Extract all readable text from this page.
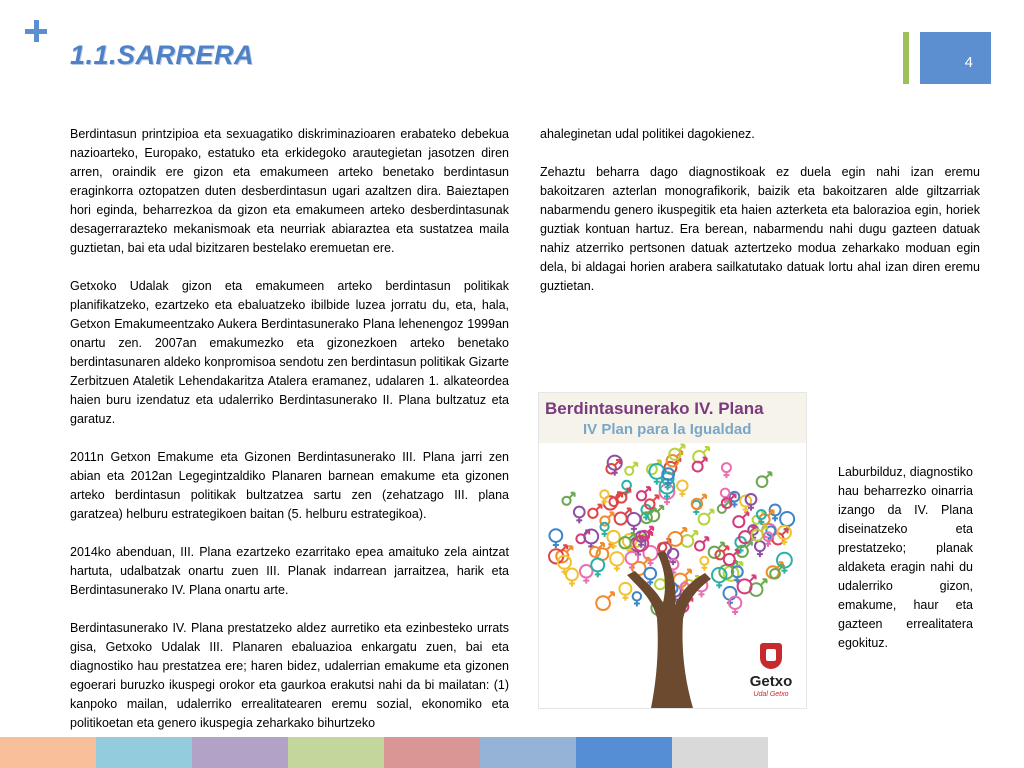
1.1.SARRERA	4

Berdintasun printzipioa eta sexuagatiko diskriminazioaren erabateko debekua nazioarteko, Europako, estatuko eta erkidegoko arautegietan jasotzen diren arren, oraindik ere gizon eta emakumeen arteko benetako berdintasun eraginkorra oztopatzen duten desberdintasun ugari azaltzen dira. Baieztapen hori eginda, beharrezkoa da gizon eta emakumeen arteko desberdintasunak desagerrarazteko mekanismoak eta neurriak abiaraztea eta sustatzea maila guztietan, bai eta udal bizitzaren bestelako eremuetan ere.

Getxoko Udalak gizon eta emakumeen arteko berdintasun politikak planifikatzeko, ezartzeko eta ebaluatzeko ibilbide luzea jorratu du, eta, hala, Getxon Emakumeentzako Aukera Berdintasunerako Plana lehenengoz 1999an onartu zen. 2007an emakumezko eta gizonezkoen arteko benetako berdintasunaren aldeko konpromisoa sendotu zen berdintasun politikak Gizarte Zerbitzuen Ataletik Lehendakaritza Atalera eramanez, udalaren 1. alkateordea haien buru izendatuz eta udalerriko Berdintasunerako II. Plana bultzatuz eta garatuz.

2011n Getxon Emakume eta Gizonen Berdintasunerako III. Plana jarri zen abian eta 2012an Legegintzaldiko Planaren barnean emakume eta gizonen arteko berdintasun politikak bultzatzea sartu zen (zehatzago III. plana garatzea) helburu estrategikoen baitan (5. helburu estrategikoa).

2014ko abenduan, III. Plana ezartzeko ezarritako epea amaituko zela aintzat hartuta, udalbatzak onartu zuen III. Planak indarrean jarraitzea, harik eta Berdintasunerako IV. Plana onartu arte.

Berdintasunerako IV. Plana prestatzeko aldez aurretiko eta ezinbesteko urrats gisa, Getxoko Udalak III. Planaren ebaluazioa enkargatu zuen, bai eta diagnostiko hau prestatzea ere; haren bidez, udalerrian emakume eta gizonen egoerari buruzko ikuspegi orokor eta gaurkoa erakutsi nahi da bi mailatan: (1) kanpoko mailan, udalerriko errealitatearen eremu sozial, ekonomiko eta politikoetan eta genero ikuspegia zeharkako bihurtzeko

ahaleginetan udal politikei dagokienez.

Zehaztu beharra dago diagnostikoak ez duela egin nahi izan eremu bakoitzaren azterlan monografikorik, baizik eta bakoitzaren alde giltzarriak nabarmendu genero ikuspegitik eta haien azterketa eta balorazioa egin, horiek guztiak kontuan hartuz. Era berean, nabarmendu nahi dugu gazteen datuak nahiz atzerriko pertsonen datuak aztertzeko modua zeharkako moduan egin dela, bi aldagai horien arabera sailkatutako datuak lortu ahal izan diren eremu guztietan.

Berdintasunerako IV. Plana
IV Plan para la Igualdad
Getxo
Udal Getxo

Laburbilduz, diagnostiko hau beharrezko oinarria izango da IV. Plana diseinatzeko eta prestatzeko; planak aldaketa eragin nahi du udalerriko gizon, emakume, haur eta gazteen errealitatera egokituz.
